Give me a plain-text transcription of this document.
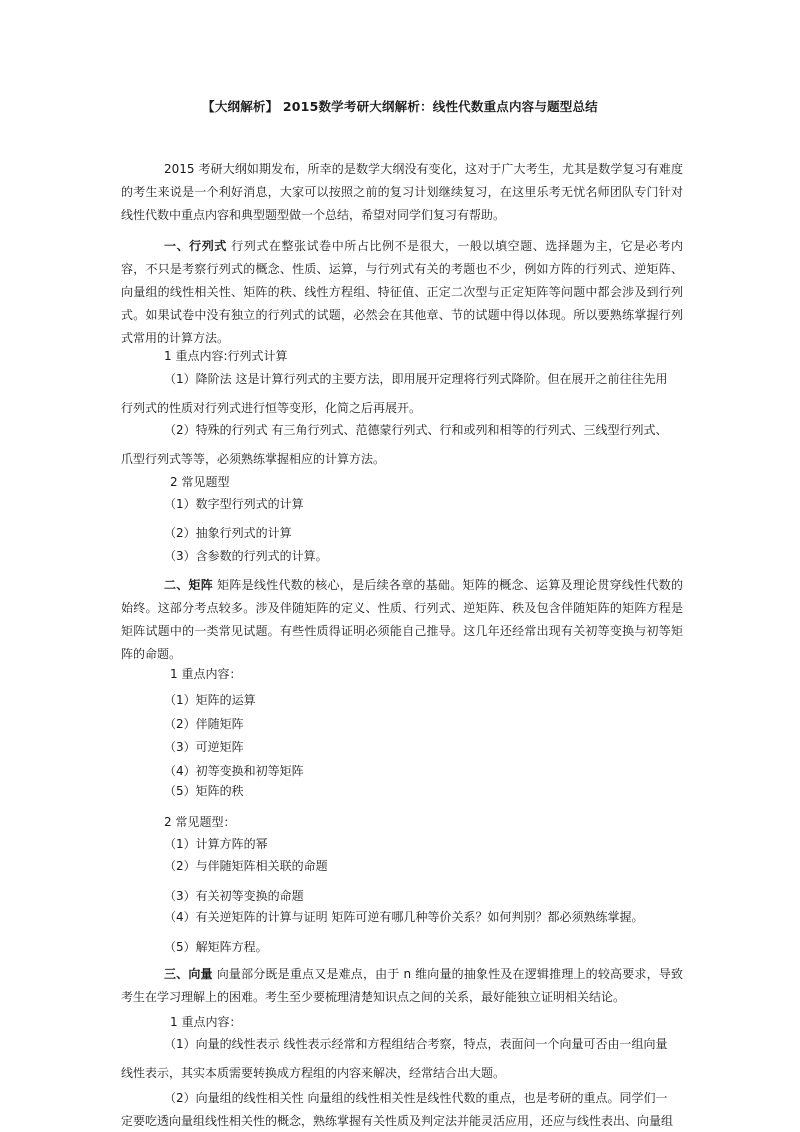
【大纲解析】 2015数学考研大纲解析：线性代数重点内容与题型总结

2015 考研大纲如期发布，所幸的是数学大纲没有变化，这对于广大考生，尤其是数学复习有难度的考生来说是一个利好消息，大家可以按照之前的复习计划继续复习，在这里乐考无忧名师团队专门针对线性代数中重点内容和典型题型做一个总结，希望对同学们复习有帮助。

一、行列式 行列式在整张试卷中所占比例不是很大，一般以填空题、选择题为主，它是必考内容，不只是考察行列式的概念、性质、运算，与行列式有关的考题也不少，例如方阵的行列式、逆矩阵、向量组的线性相关性、矩阵的秩、线性方程组、特征值、正定二次型与正定矩阵等问题中都会涉及到行列式。如果试卷中没有独立的行列式的试题，必然会在其他章、节的试题中得以体现。所以要熟练掌握行列式常用的计算方法。

1 重点内容:行列式计算
（1）降阶法 这是计算行列式的主要方法，即用展开定理将行列式降阶。但在展开之前往往先用
行列式的性质对行列式进行恒等变形，化简之后再展开。
（2）特殊的行列式 有三角行列式、范德蒙行列式、行和或列和相等的行列式、三线型行列式、
爪型行列式等等，必须熟练掌握相应的计算方法。
2 常见题型
（1）数字型行列式的计算
（2）抽象行列式的计算
（3）含参数的行列式的计算。

二、矩阵 矩阵是线性代数的核心，是后续各章的基础。矩阵的概念、运算及理论贯穿线性代数的始终。这部分考点较多。涉及伴随矩阵的定义、性质、行列式、逆矩阵、秩及包含伴随矩阵的矩阵方程是矩阵试题中的一类常见试题。有些性质得证明必须能自己推导。这几年还经常出现有关初等变换与初等矩阵的命题。

1 重点内容：
（1）矩阵的运算
（2）伴随矩阵
（3）可逆矩阵
（4）初等变换和初等矩阵
（5）矩阵的秩
2 常见题型：
（1）计算方阵的幂
（2）与伴随矩阵相关联的命题
（3）有关初等变换的命题
（4）有关逆矩阵的计算与证明 矩阵可逆有哪几种等价关系？如何判别？都必须熟练掌握。
（5）解矩阵方程。

三、向量 向量部分既是重点又是难点，由于 n 维向量的抽象性及在逻辑推理上的较高要求，导致考生在学习理解上的困难。考生至少要梳理清楚知识点之间的关系，最好能独立证明相关结论。

1 重点内容：
（1）向量的线性表示 线性表示经常和方程组结合考察，特点，表面问一个向量可否由一组向量
线性表示，其实本质需要转换成方程组的内容来解决，经常结合出大题。
（2）向量组的线性相关性 向量组的线性相关性是线性代数的重点，也是考研的重点。同学们一
定要吃透向量组线性相关性的概念，熟练掌握有关性质及判定法并能灵活应用，还应与线性表出、向量组
